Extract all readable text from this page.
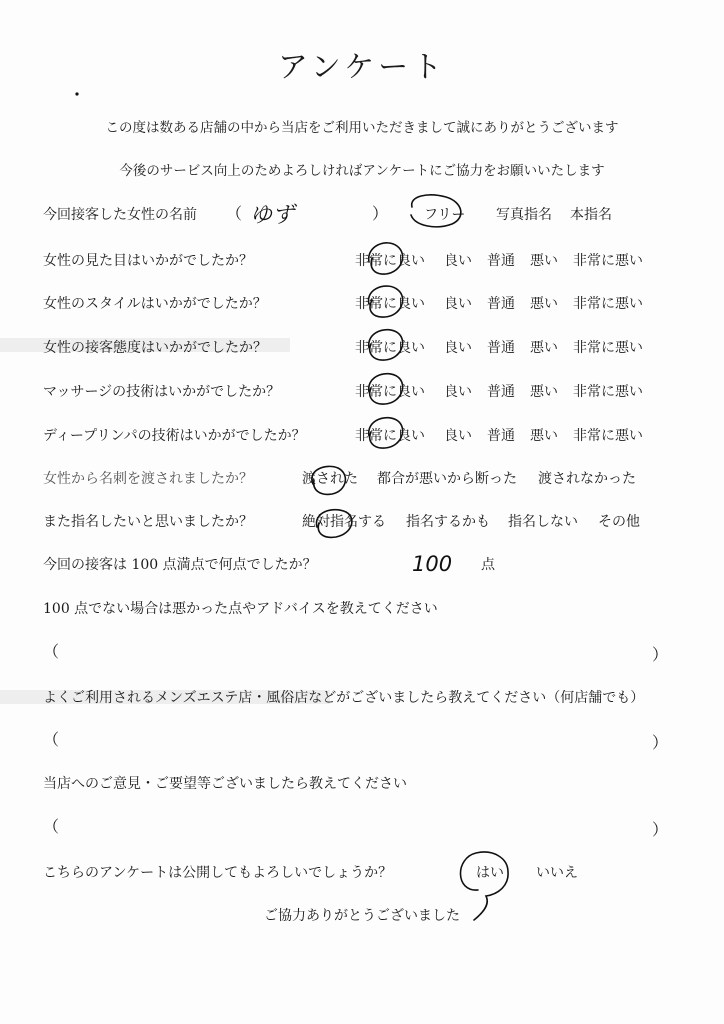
アンケート
この度は数ある店舗の中から当店をご利用いただきまして誠にありがとうございます
今後のサービス向上のためよろしければアンケートにご協力をお願いいたします
今回接客した女性の名前 （ ゆず	）	フリー 写真指名 本指名
女性の見た目はいかがでしたか？	非常に良い 良い 普通 悪い 非常に悪い
女性のスタイルはいかがでしたか？	非常に良い 良い 普通 悪い 非常に悪い
女性の接客態度はいかがでしたか？	非常に良い 良い 普通 悪い 非常に悪い
マッサージの技術はいかがでしたか？	非常に良い 良い 普通 悪い 非常に悪い
ディープリンパの技術はいかがでしたか？	非常に良い 良い 普通 悪い 非常に悪い
女性から名刺を渡されましたか？	渡された 都合が悪いから断った 渡されなかった
また指名したいと思いましたか？	絶対指名する 指名するかも 指名しない その他
今回の接客は 100 点満点で何点でしたか？	100 点
100 点でない場合は悪かった点やアドバイスを教えてください
（	）
よくご利用されるメンズエステ店・風俗店などがございましたら教えてください（何店舗でも）
（	）
当店へのご意見・ご要望等ございましたら教えてください
（	）
こちらのアンケートは公開してもよろしいでしょうか？	はい いいえ
ご協力ありがとうございました
